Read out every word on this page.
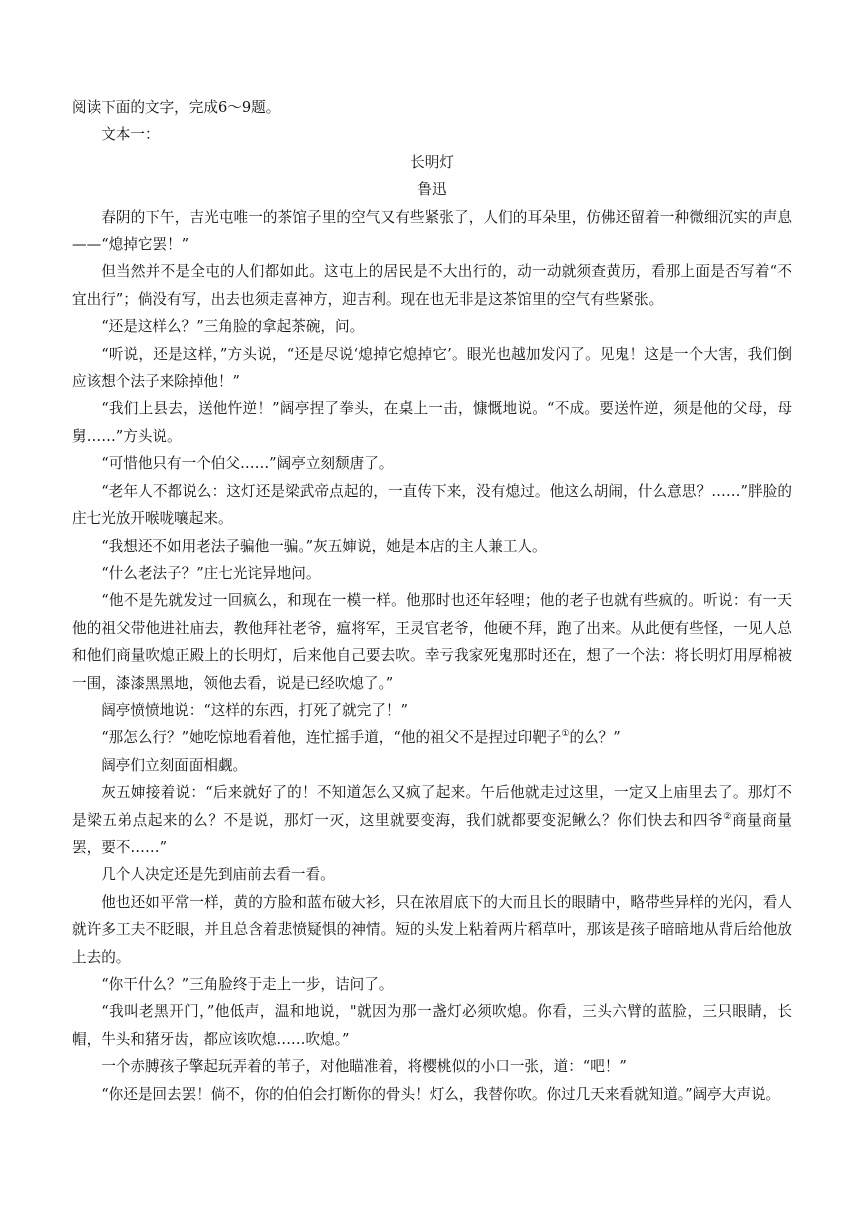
阅读下面的文字，完成6～9题。

文本一：

长明灯

鲁迅

春阴的下午，吉光屯唯一的茶馆子里的空气又有些紧张了，人们的耳朵里，仿佛还留着一种微细沉实的声息——“熄掉它罢！”

但当然并不是全屯的人们都如此。这屯上的居民是不大出行的，动一动就须查黄历，看那上面是否写着“不宜出行”；倘没有写，出去也须走喜神方，迎吉利。现在也无非是这茶馆里的空气有些紧张。

“还是这样么？”三角脸的拿起茶碗，问。

“听说，还是这样，”方头说，“还是尽说‘熄掉它熄掉它’。眼光也越加发闪了。见鬼！这是一个大害，我们倒应该想个法子来除掉他！”

“我们上县去，送他忤逆！”阔亭捏了拳头，在桌上一击，慷慨地说。“不成。要送忤逆，须是他的父母，母舅……”方头说。

“可惜他只有一个伯父……”阔亭立刻颓唐了。

“老年人不都说么：这灯还是梁武帝点起的，一直传下来，没有熄过。他这么胡闹，什么意思？……”胖脸的庄七光放开喉咙嚷起来。

“我想还不如用老法子骗他一骗。”灰五婶说，她是本店的主人兼工人。

“什么老法子？”庄七光诧异地问。

“他不是先就发过一回疯么，和现在一模一样。他那时也还年轻哩；他的老子也就有些疯的。听说：有一天他的祖父带他进社庙去，教他拜社老爷，瘟将军，王灵官老爷，他硬不拜，跑了出来。从此便有些怪，一见人总和他们商量吹熄正殿上的长明灯，后来他自己要去吹。幸亏我家死鬼那时还在，想了一个法：将长明灯用厚棉被一围，漆漆黑黑地，领他去看，说是已经吹熄了。”

阔亭愤愤地说：“这样的东西，打死了就完了！”

“那怎么行？”她吃惊地看着他，连忙摇手道，“他的祖父不是捏过印靶子①的么？”

阔亭们立刻面面相觑。

灰五婶接着说：“后来就好了的！不知道怎么又疯了起来。午后他就走过这里，一定又上庙里去了。那灯不是梁五弟点起来的么？不是说，那灯一灭，这里就要变海，我们就都要变泥鳅么？你们快去和四爷②商量商量罢，要不……”

几个人决定还是先到庙前去看一看。

他也还如平常一样，黄的方脸和蓝布破大衫，只在浓眉底下的大而且长的眼睛中，略带些异样的光闪，看人就许多工夫不眨眼，并且总含着悲愤疑惧的神情。短的头发上粘着两片稻草叶，那该是孩子暗暗地从背后给他放上去的。

“你干什么？”三角脸终于走上一步，诘问了。

“我叫老黑开门，”他低声，温和地说，"就因为那一盏灯必须吹熄。你看，三头六臂的蓝脸，三只眼睛，长帽，牛头和猪牙齿，都应该吹熄……吹熄。”

一个赤膊孩子擎起玩弄着的苇子，对他瞄准着，将樱桃似的小口一张，道：“吧！”

“你还是回去罢！倘不，你的伯伯会打断你的骨头！灯么，我替你吹。你过几天来看就知道。”阔亭大声说。
